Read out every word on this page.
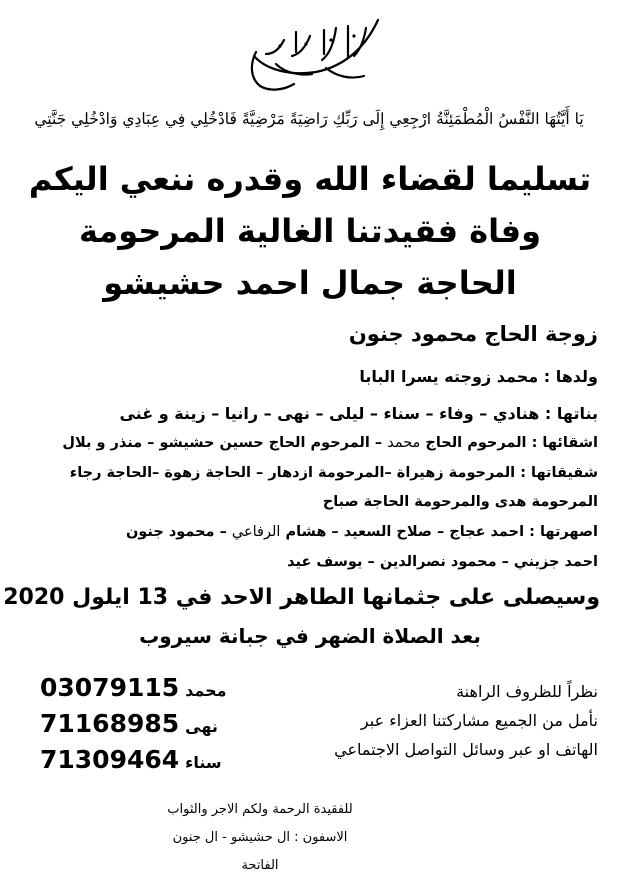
يَا أَيَّتُهَا النَّفْسُ الْمُطْمَئِنَّةُ ارْجِعِي إِلَى رَبِّكِ رَاضِيَةً مَرْضِيَّةً فَادْخُلِي فِي عِبَادِي وَادْخُلِي جَنَّتِي
تسليما لقضاء الله وقدره ننعي اليكم
وفاة فقيدتنا الغالية المرحومة
الحاجة جمال احمد حشيشو
زوجة الحاج محمود جنون
ولدها : محمد زوجته يسرا البابا
بناتها : هنادي – وفاء – سناء – ليلى – نهى – رانيا – زينة و غنى
اشقائها : المرحوم الحاج محمد – المرحوم الحاج حسين حشيشو – منذر و بلال
شقيقاتها : المرحومة زهيراة –المرحومة ازدهار – الحاجة زهوة –الحاجة رجاء
المرحومة هدى والمرحومة الحاجة صباح
اصهرتها : احمد عجاج – صلاح السعيد – هشام الرفاعي – محمود جنون
احمد جزيني – محمود نصرالدين – يوسف عيد
وسيصلى على جثمانها الطاهر الاحد في 13 ايلول 2020
بعد الصلاة الضهر في جبانة سيروب
محمد
03079115
نهى
71168985
سناء
71309464
نظراً للظروف الراهنة
نأمل من الجميع مشاركتنا العزاء عبر
الهاتف او عبر وسائل التواصل الاجتماعي
للفقيدة الرحمة ولكم الاجر والثواب
الاسفون : ال حشيشو - ال جنون
الفاتحة
